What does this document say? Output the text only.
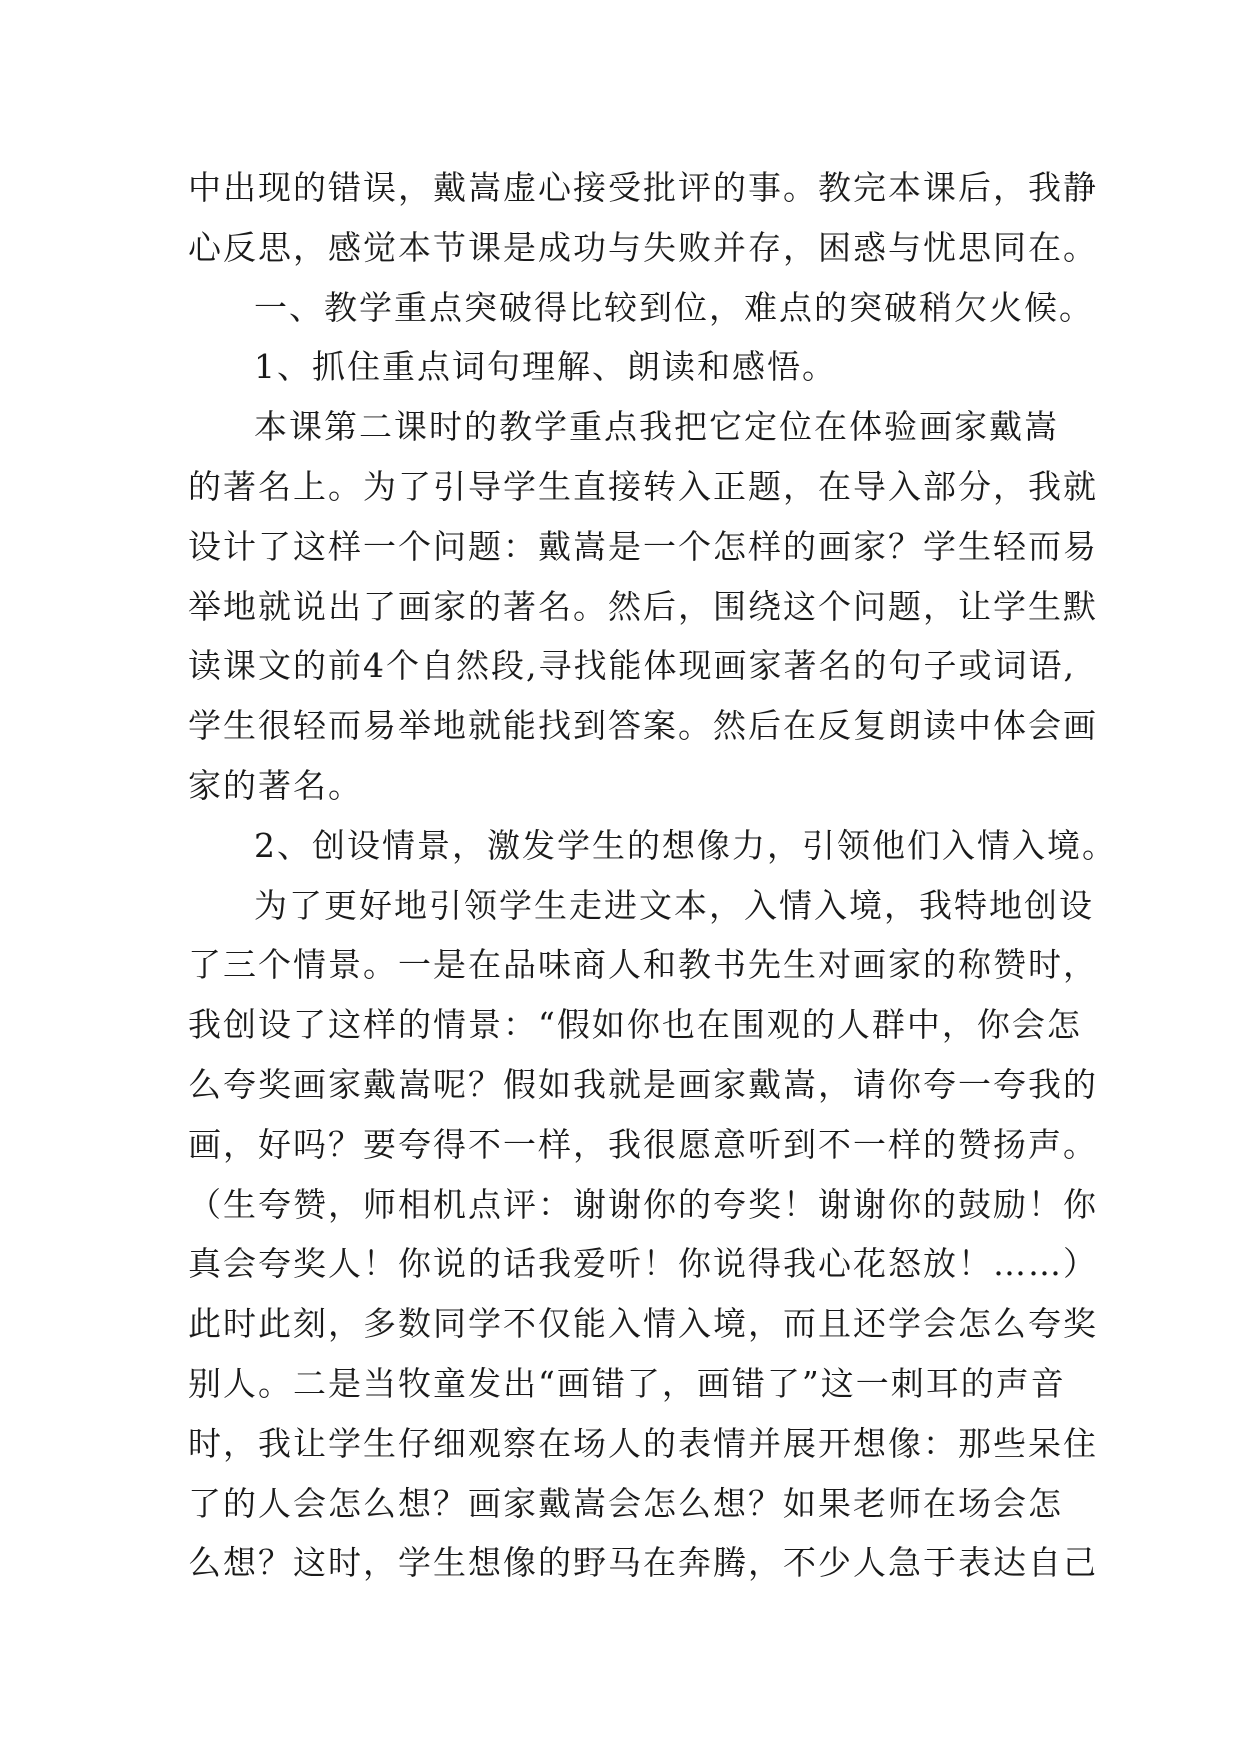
中出现的错误，戴嵩虚心接受批评的事。教完本课后，我静
心反思，感觉本节课是成功与失败并存，困惑与忧思同在。
一、教学重点突破得比较到位，难点的突破稍欠火候。
1、抓住重点词句理解、朗读和感悟。
本课第二课时的教学重点我把它定位在体验画家戴嵩
的著名上。为了引导学生直接转入正题，在导入部分，我就
设计了这样一个问题：戴嵩是一个怎样的画家？学生轻而易
举地就说出了画家的著名。然后，围绕这个问题，让学生默
读课文的前4个自然段,寻找能体现画家著名的句子或词语,
学生很轻而易举地就能找到答案。然后在反复朗读中体会画
家的著名。
2、创设情景，激发学生的想像力，引领他们入情入境。
为了更好地引领学生走进文本，入情入境，我特地创设
了三个情景。一是在品味商人和教书先生对画家的称赞时，
我创设了这样的情景：“假如你也在围观的人群中，你会怎
么夸奖画家戴嵩呢？假如我就是画家戴嵩，请你夸一夸我的
画，好吗？要夸得不一样，我很愿意听到不一样的赞扬声。
（生夸赞，师相机点评：谢谢你的夸奖！谢谢你的鼓励！你
真会夸奖人！你说的话我爱听！你说得我心花怒放！……）
此时此刻，多数同学不仅能入情入境，而且还学会怎么夸奖
别人。二是当牧童发出“画错了，画错了”这一刺耳的声音
时，我让学生仔细观察在场人的表情并展开想像：那些呆住
了的人会怎么想？画家戴嵩会怎么想？如果老师在场会怎
么想？这时，学生想像的野马在奔腾，不少人急于表达自己
